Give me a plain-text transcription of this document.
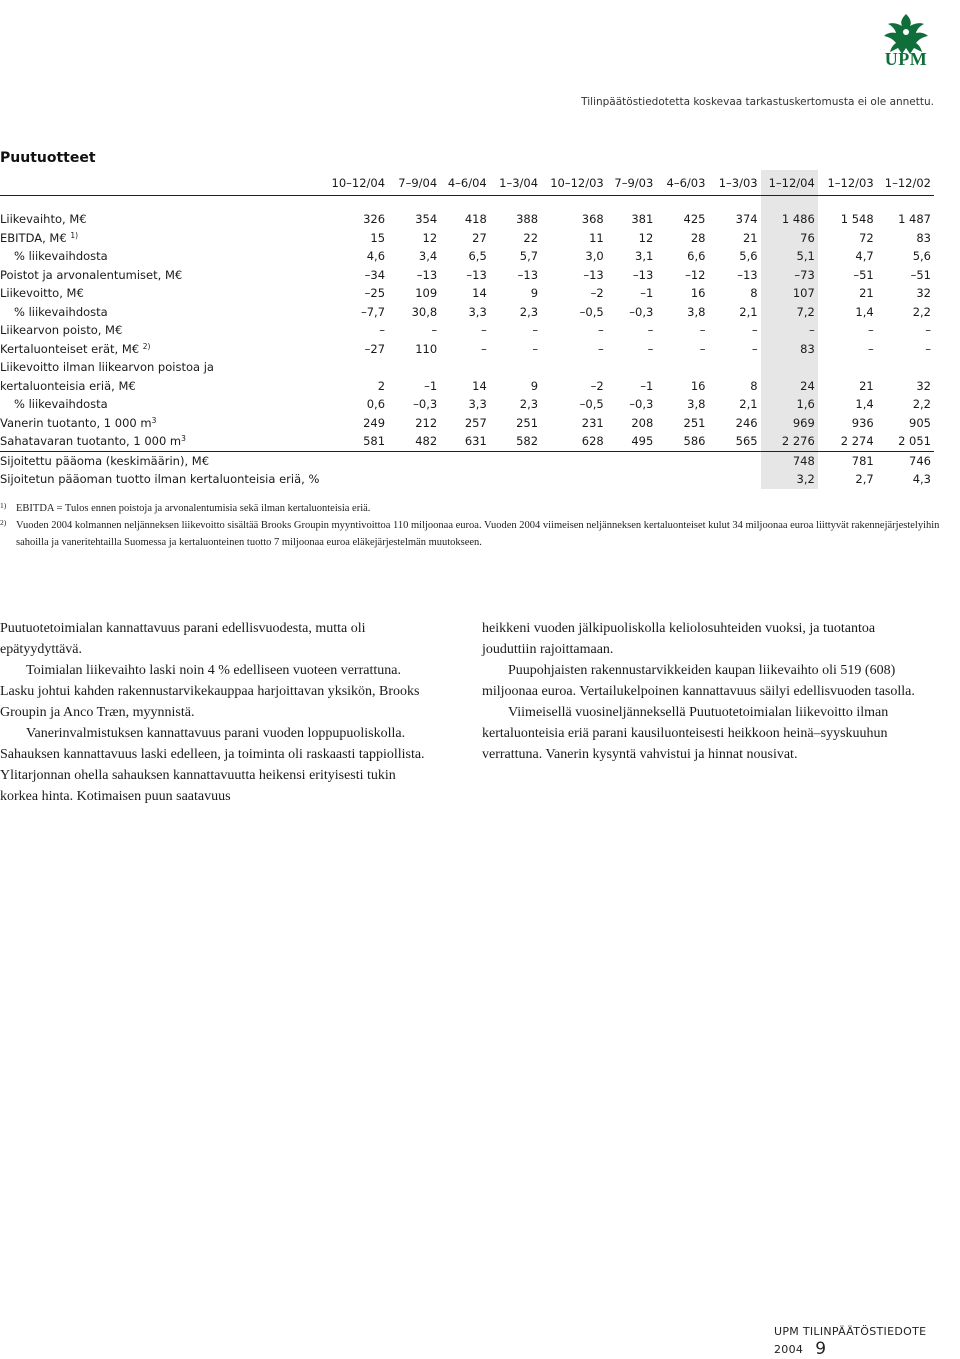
UPM
Tilinpäätöstiedotetta koskevaa tarkastuskertomusta ei ole annettu.
Puutuotteet
	10–12/04	7–9/04	4–6/04	1–3/04	10–12/03	7–9/03	4–6/03	1–3/03	1–12/04	1–12/03	1–12/02

Liikevaihto, M€	326	354	418	388	368	381	425	374	1 486	1 548	1 487
EBITDA, M€ $^{1)}$	15	12	27	22	11	12	28	21	76	72	83
% liikevaihdosta	4,6	3,4	6,5	5,7	3,0	3,1	6,6	5,6	5,1	4,7	5,6
Poistot ja arvonalentumiset, M€	–34	–13	–13	–13	–13	–13	–12	–13	–73	–51	–51
Liikevoitto, M€	–25	109	14	9	–2	–1	16	8	107	21	32
% liikevaihdosta	–7,7	30,8	3,3	2,3	–0,5	–0,3	3,8	2,1	7,2	1,4	2,2
Liikearvon poisto, M€	–	–	–	–	–	–	–	–	–	–	–
Kertaluonteiset erät, M€ $^{2)}$	–27	110	–	–	–	–	–	–	83	–	–
Liikevoitto ilman liikearvon poistoa ja											
kertaluonteisia eriä, M€	2	–1	14	9	–2	–1	16	8	24	21	32
% liikevaihdosta	0,6	–0,3	3,3	2,3	–0,5	–0,3	3,8	2,1	1,6	1,4	2,2
Vanerin tuotanto, 1 000 $m^3$	249	212	257	251	231	208	251	246	969	936	905
Sahatavaran tuotanto, 1 000 $m^3$	581	482	631	582	628	495	586	565	2 276	2 274	2 051
Sijoitettu pääoma (keskimäärin), M€									748	781	746
Sijoitetun pääoman tuotto ilman kertaluonteisia eriä, %									3,2	2,7	4,3
1) EBITDA = Tulos ennen poistoja ja arvonalentumisia sekä ilman kertaluonteisia eriä.
2) Vuoden 2004 kolmannen neljänneksen liikevoitto sisältää Brooks Groupin myyntivoittoa 110 miljoonaa euroa. Vuoden 2004 viimeisen neljänneksen kertaluonteiset kulut 34 miljoonaa euroa liittyvät rakennejärjestelyihin sahoilla ja vaneritehtailla Suomessa ja kertaluonteinen tuotto 7 miljoonaa euroa eläkejärjestelmän muutokseen.

Puutuotetoimialan kannattavuus parani edellisvuodesta, mutta oli epätyydyttävä.

Toimialan liikevaihto laski noin 4 % edelliseen vuoteen verrattuna. Lasku johtui kahden rakennustarvikekauppaa harjoittavan yksikön, Brooks Groupin ja Anco Træn, myynnistä.

Vanerinvalmistuksen kannattavuus parani vuoden loppupuoliskolla. Sahauksen kannattavuus laski edelleen, ja toiminta oli raskaasti tappiollista. Ylitarjonnan ohella sahauksen kannattavuutta heikensi erityisesti tukin korkea hinta. Kotimaisen puun saatavuus

heikkeni vuoden jälkipuoliskolla keliolosuhteiden vuoksi, ja tuotantoa jouduttiin rajoittamaan.

Puupohjaisten rakennustarvikkeiden kaupan liikevaihto oli 519 (608) miljoonaa euroa. Vertailukelpoinen kannattavuus säilyi edellisvuoden tasolla.

Viimeisellä vuosineljänneksellä Puutuotetoimialan liikevoitto ilman kertaluonteisia eriä parani kausiluonteisesti heikkoon heinä–syyskuuhun verrattuna. Vanerin kysyntä vahvistui ja hinnat nousivat.

UPM TILINPÄÄTÖSTIEDOTE 2004 9
